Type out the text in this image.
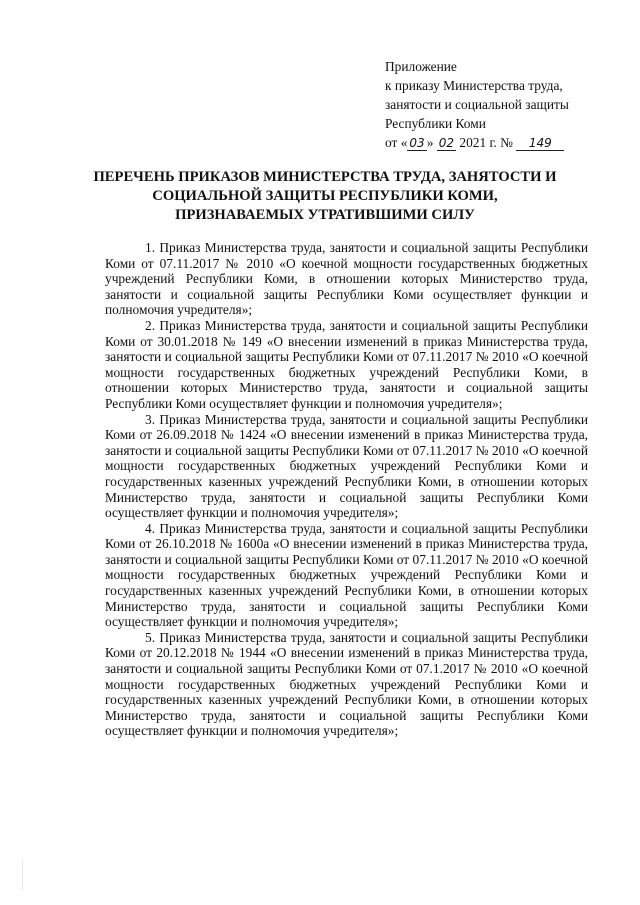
Приложение
к приказу Министерства труда,
занятости и социальной защиты
Республики Коми
от « 03 » 02 2021 г. № 149
ПЕРЕЧЕНЬ ПРИКАЗОВ МИНИСТЕРСТВА ТРУДА, ЗАНЯТОСТИ И СОЦИАЛЬНОЙ ЗАЩИТЫ РЕСПУБЛИКИ КОМИ, ПРИЗНАВАЕМЫХ УТРАТИВШИМИ СИЛУ

1. Приказ Министерства труда, занятости и социальной защиты Республики Коми от 07.11.2017 № 2010 «О коечной мощности государственных бюджетных учреждений Республики Коми, в отношении которых Министерство труда, занятости и социальной защиты Республики Коми осуществляет функции и полномочия учредителя»;

2. Приказ Министерства труда, занятости и социальной защиты Республики Коми от 30.01.2018 № 149 «О внесении изменений в приказ Министерства труда, занятости и социальной защиты Республики Коми от 07.11.2017 № 2010 «О коечной мощности государственных бюджетных учреждений Республики Коми, в отношении которых Министерство труда, занятости и социальной защиты Республики Коми осуществляет функции и полномочия учредителя»;

3. Приказ Министерства труда, занятости и социальной защиты Республики Коми от 26.09.2018 № 1424 «О внесении изменений в приказ Министерства труда, занятости и социальной защиты Республики Коми от 07.11.2017 № 2010 «О коечной мощности государственных бюджетных учреждений Республики Коми и государственных казенных учреждений Республики Коми, в отношении которых Министерство труда, занятости и социальной защиты Республики Коми осуществляет функции и полномочия учредителя»;

4. Приказ Министерства труда, занятости и социальной защиты Республики Коми от 26.10.2018 № 1600а «О внесении изменений в приказ Министерства труда, занятости и социальной защиты Республики Коми от 07.11.2017 № 2010 «О коечной мощности государственных бюджетных учреждений Республики Коми и государственных казенных учреждений Республики Коми, в отношении которых Министерство труда, занятости и социальной защиты Республики Коми осуществляет функции и полномочия учредителя»;

5. Приказ Министерства труда, занятости и социальной защиты Республики Коми от 20.12.2018 № 1944 «О внесении изменений в приказ Министерства труда, занятости и социальной защиты Республики Коми от 07.1.2017 № 2010 «О коечной мощности государственных бюджетных учреждений Республики Коми и государственных казенных учреждений Республики Коми, в отношении которых Министерство труда, занятости и социальной защиты Республики Коми осуществляет функции и полномочия учредителя»;
